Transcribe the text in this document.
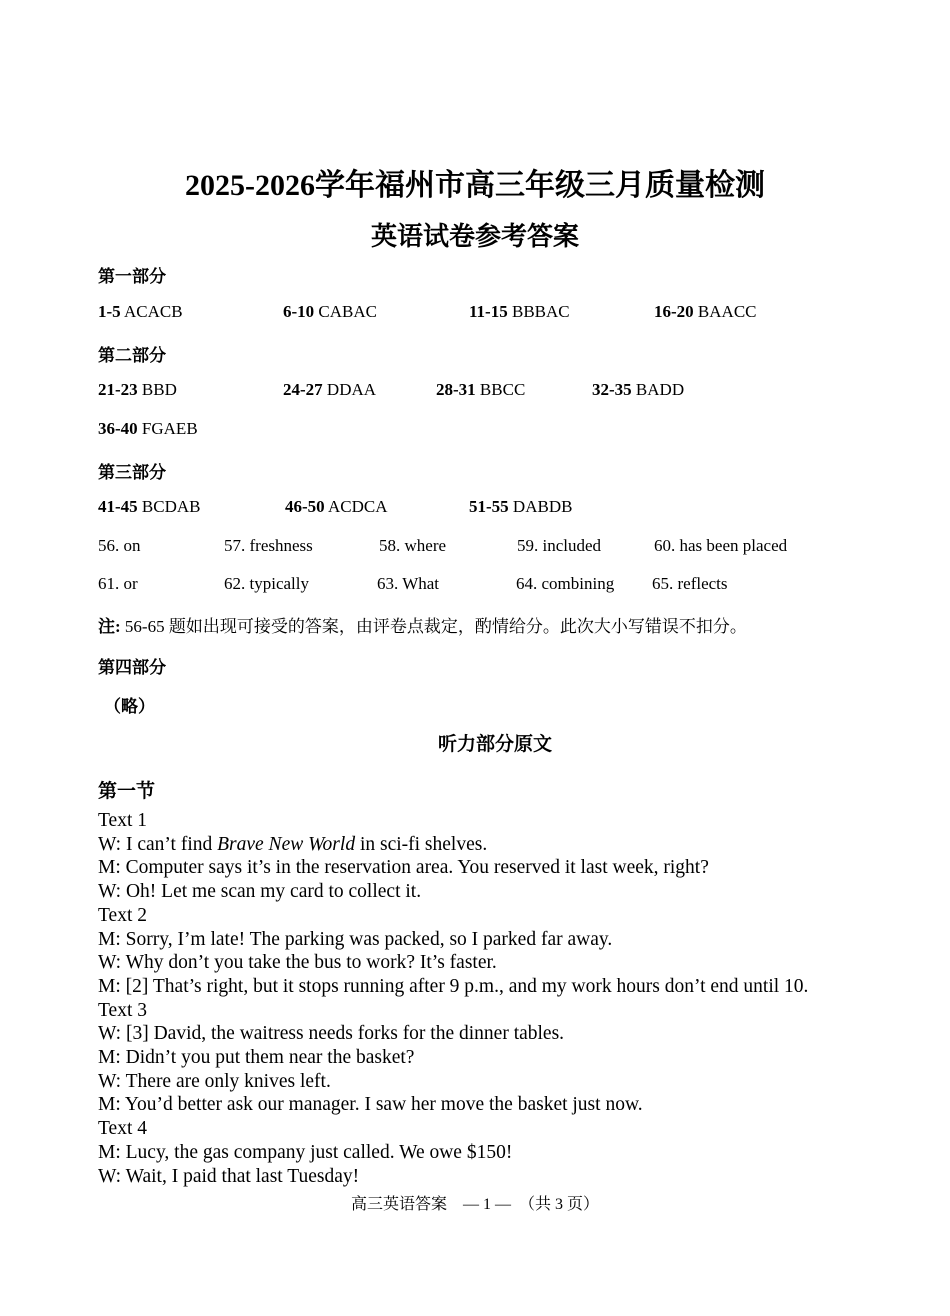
2025-2026学年福州市高三年级三月质量检测
英语试卷参考答案
第一部分
1-5 ACACB	6-10 CABAC	11-15 BBBAC	16-20 BAACC
第二部分
21-23 BBD	24-27 DDAA	28-31 BBCC	32-35 BADD
36-40 FGAEB
第三部分
41-45 BCDAB	46-50 ACDCA	51-55 DABDB
56. on	57. freshness	58. where	59. included	60. has been placed
61. or	62. typically	63. What	64. combining 65. reflects
注: 56-65 题如出现可接受的答案，由评卷点裁定，酌情给分。此次大小写错误不扣分。
第四部分
（略）
听力部分原文
第一节
Text 1
W: I can’t find Brave New World in sci-fi shelves.
M: Computer says it’s in the reservation area. You reserved it last week, right?
W: Oh! Let me scan my card to collect it.
Text 2
M: Sorry, I’m late! The parking was packed, so I parked far away.
W: Why don’t you take the bus to work? It’s faster.
M: [2] That’s right, but it stops running after 9 p.m., and my work hours don’t end until 10.
Text 3
W: [3] David, the waitress needs forks for the dinner tables.
M: Didn’t you put them near the basket?
W: There are only knives left.
M: You’d better ask our manager. I saw her move the basket just now.
Text 4
M: Lucy, the gas company just called. We owe $150!
W: Wait, I paid that last Tuesday!
高三英语答案　— 1 —　（共 3 页）
